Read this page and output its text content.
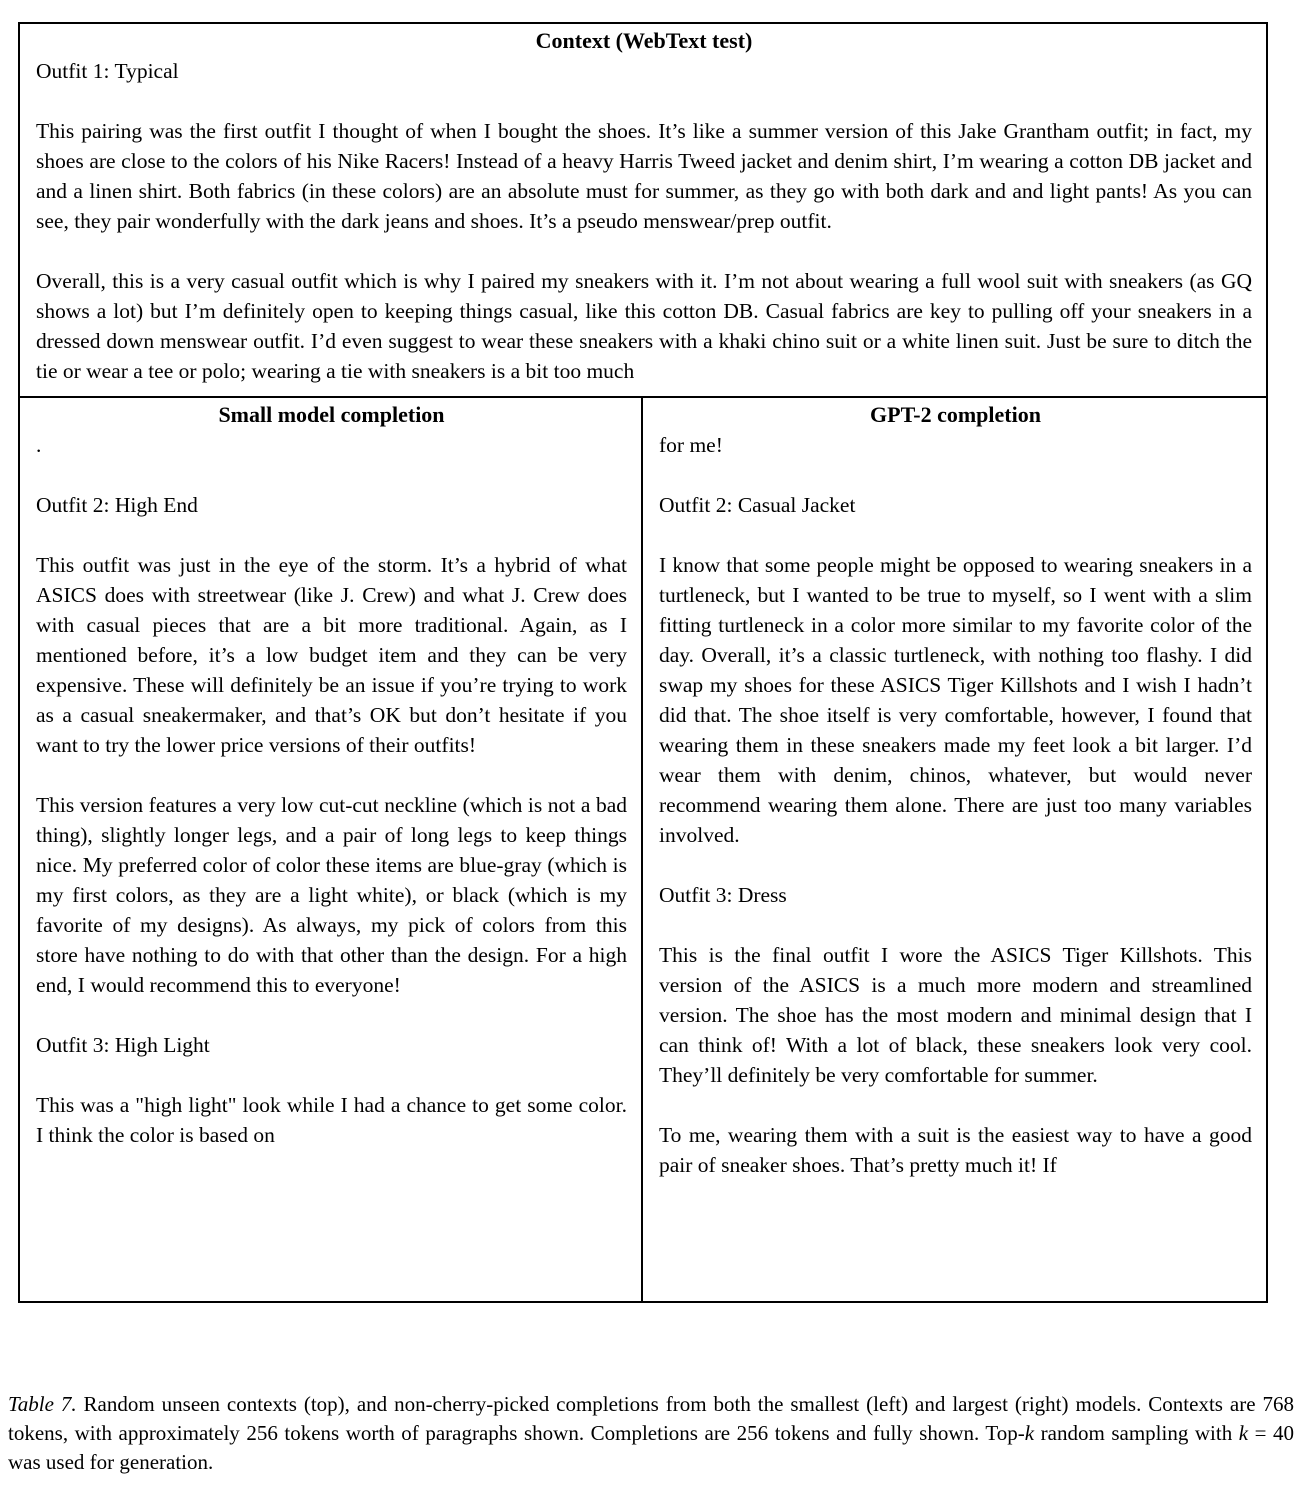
Context (WebText test)

Outfit 1: Typical

This pairing was the first outfit I thought of when I bought the shoes. It’s like a summer version of this Jake Grantham outfit; in fact, my shoes are close to the colors of his Nike Racers! Instead of a heavy Harris Tweed jacket and denim shirt, I’m wearing a cotton DB jacket and and a linen shirt. Both fabrics (in these colors) are an absolute must for summer, as they go with both dark and and light pants! As you can see, they pair wonderfully with the dark jeans and shoes. It’s a pseudo menswear/prep outfit.

Overall, this is a very casual outfit which is why I paired my sneakers with it. I’m not about wearing a full wool suit with sneakers (as GQ shows a lot) but I’m definitely open to keeping things casual, like this cotton DB. Casual fabrics are key to pulling off your sneakers in a dressed down menswear outfit. I’d even suggest to wear these sneakers with a khaki chino suit or a white linen suit. Just be sure to ditch the tie or wear a tee or polo; wearing a tie with sneakers is a bit too much

Small model completion

.

Outfit 2: High End

This outfit was just in the eye of the storm. It’s a hybrid of what ASICS does with streetwear (like J. Crew) and what J. Crew does with casual pieces that are a bit more traditional. Again, as I mentioned before, it’s a low budget item and they can be very expensive. These will definitely be an issue if you’re trying to work as a casual sneakermaker, and that’s OK but don’t hesitate if you want to try the lower price versions of their outfits!

This version features a very low cut-cut neckline (which is not a bad thing), slightly longer legs, and a pair of long legs to keep things nice. My preferred color of color these items are blue-gray (which is my first colors, as they are a light white), or black (which is my favorite of my designs). As always, my pick of colors from this store have nothing to do with that other than the design. For a high end, I would recommend this to everyone!

Outfit 3: High Light

This was a "high light" look while I had a chance to get some color. I think the color is based on

GPT-2 completion

for me!

Outfit 2: Casual Jacket

I know that some people might be opposed to wearing sneakers in a turtleneck, but I wanted to be true to myself, so I went with a slim fitting turtleneck in a color more similar to my favorite color of the day. Overall, it’s a classic turtleneck, with nothing too flashy. I did swap my shoes for these ASICS Tiger Killshots and I wish I hadn’t did that. The shoe itself is very comfortable, however, I found that wearing them in these sneakers made my feet look a bit larger. I’d wear them with denim, chinos, whatever, but would never recommend wearing them alone. There are just too many variables involved.

Outfit 3: Dress

This is the final outfit I wore the ASICS Tiger Killshots. This version of the ASICS is a much more modern and streamlined version. The shoe has the most modern and minimal design that I can think of! With a lot of black, these sneakers look very cool. They’ll definitely be very comfortable for summer.

To me, wearing them with a suit is the easiest way to have a good pair of sneaker shoes. That’s pretty much it! If

Table 7. Random unseen contexts (top), and non-cherry-picked completions from both the smallest (left) and largest (right) models. Contexts are 768 tokens, with approximately 256 tokens worth of paragraphs shown. Completions are 256 tokens and fully shown. Top-k random sampling with k = 40 was used for generation.
